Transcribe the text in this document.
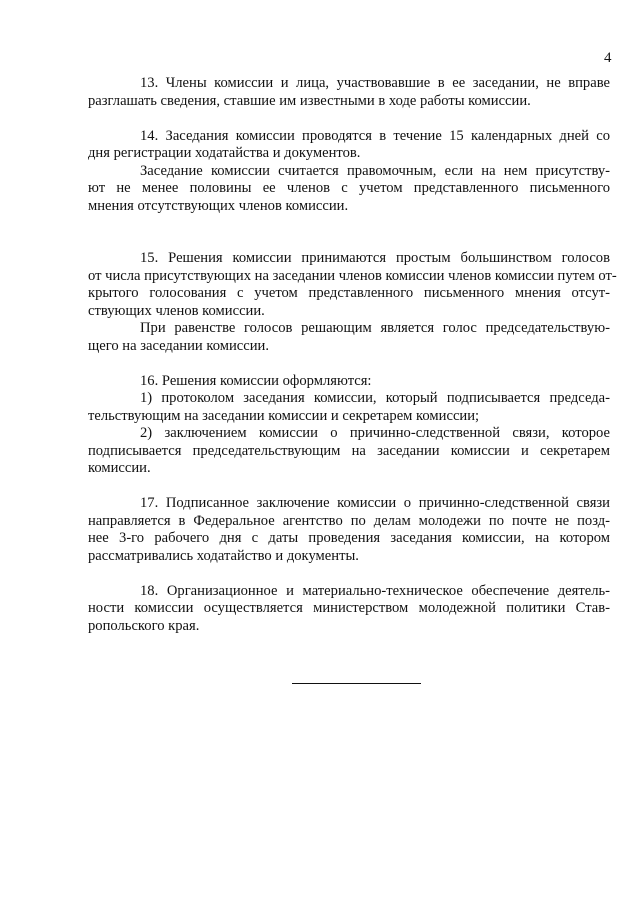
4
13. Члены комиссии и лица, участвовавшие в ее заседании, не вправе
разглашать сведения, ставшие им известными в ходе работы комиссии.
14. Заседания комиссии проводятся в течение 15 календарных дней со
дня регистрации ходатайства и документов.
Заседание комиссии считается правомочным, если на нем присутству-
ют не менее половины ее членов с учетом представленного письменного
мнения отсутствующих членов комиссии.
15. Решения комиссии принимаются простым большинством голосов
от числа присутствующих на заседании членов комиссии членов комиссии путем от-
крытого голосования с учетом представленного письменного мнения отсут-
ствующих членов комиссии.
При равенстве голосов решающим является голос председательствую-
щего на заседании комиссии.
16. Решения комиссии оформляются:
1) протоколом заседания комиссии, который подписывается председа-
тельствующим на заседании комиссии и секретарем комиссии;
2) заключением комиссии о причинно-следственной связи, которое
подписывается председательствующим на заседании комиссии и секретарем
комиссии.
17. Подписанное заключение комиссии о причинно-следственной связи
направляется в Федеральное агентство по делам молодежи по почте не позд-
нее 3-го рабочего дня с даты проведения заседания комиссии, на котором
рассматривались ходатайство и документы.
18. Организационное и материально-техническое обеспечение деятель-
ности комиссии осуществляется министерством молодежной политики Став-
ропольского края.
